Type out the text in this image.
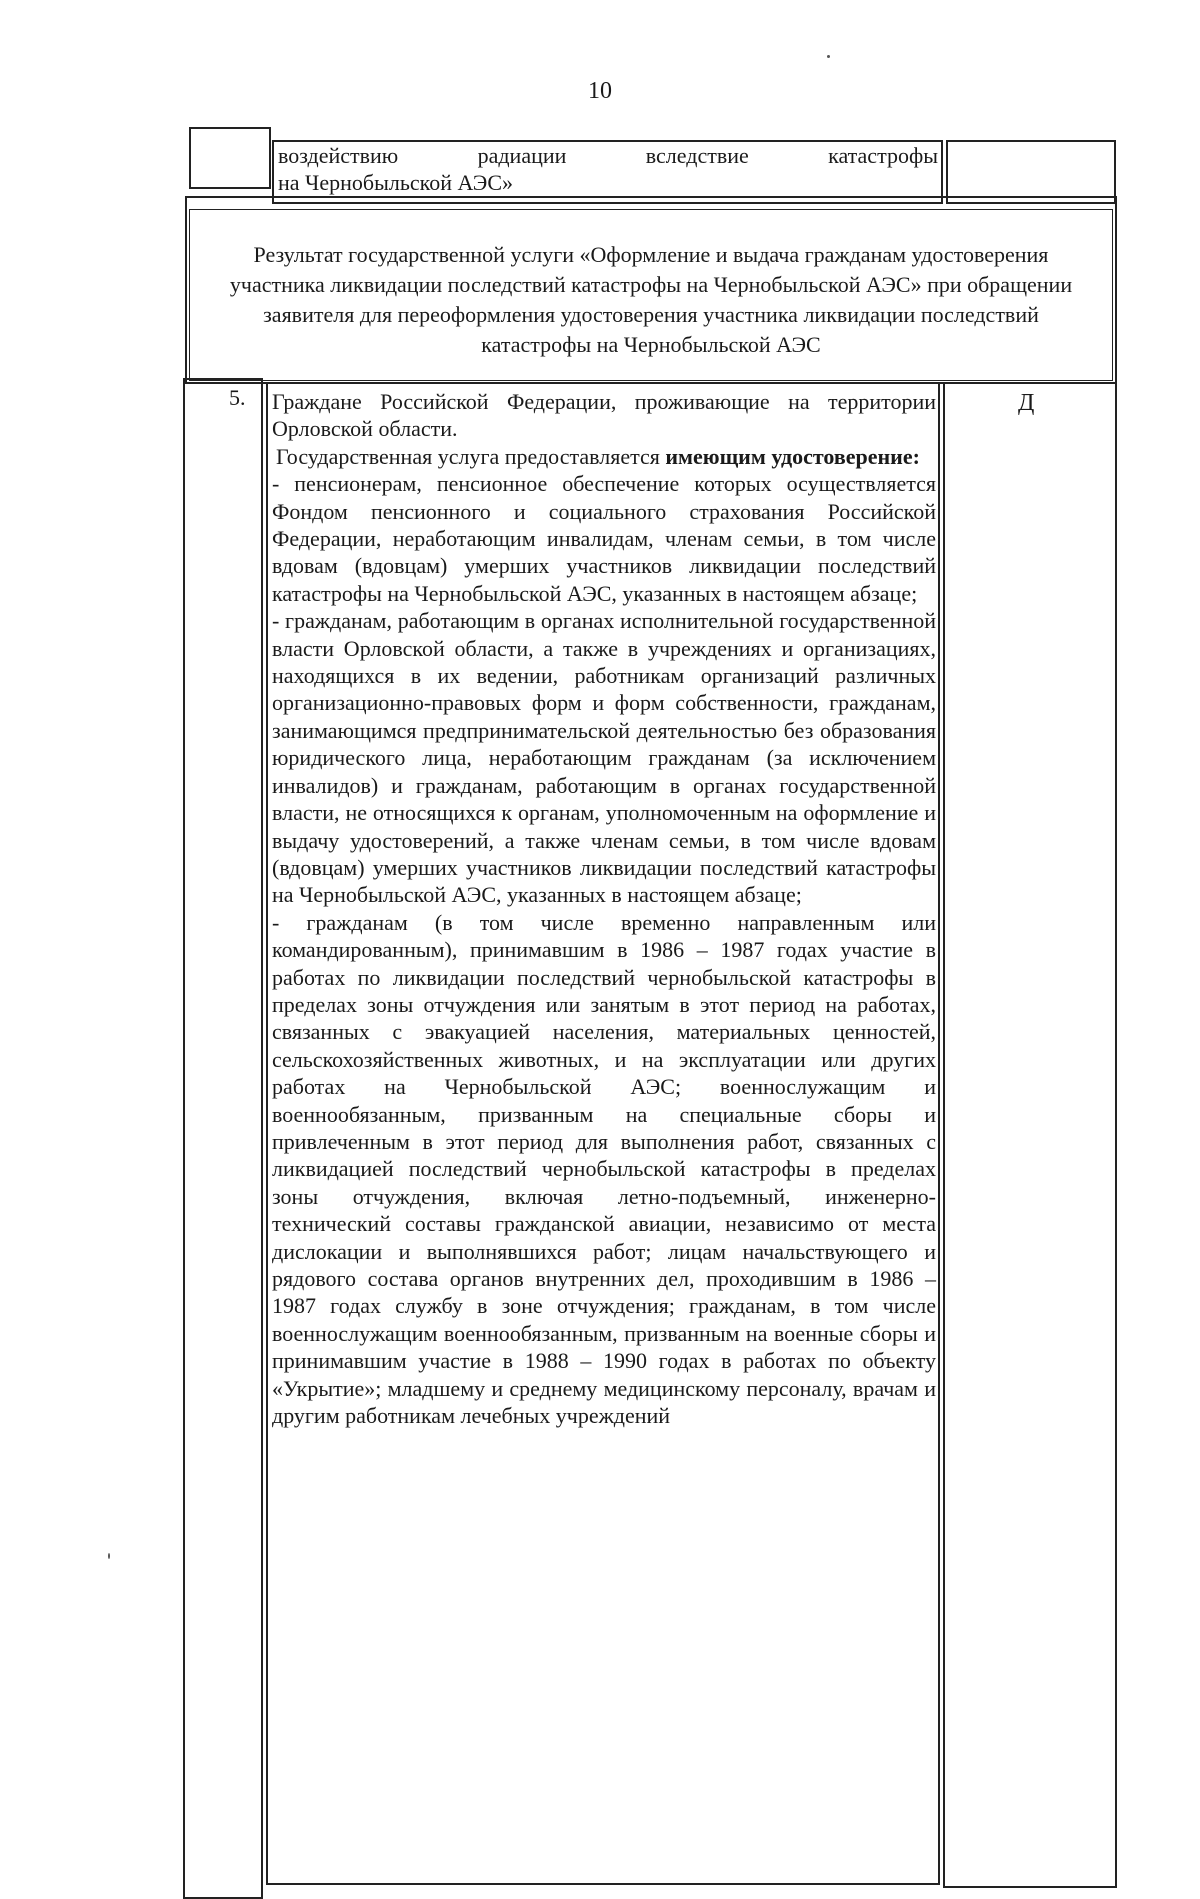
10
воздействию радиации вследствие катастрофы
на Чернобыльской АЭС»
Результат государственной услуги «Оформление и выдача гражданам удостоверения участника ликвидации последствий катастрофы на Чернобыльской АЭС» при обращении заявителя для переоформления удостоверения участника ликвидации последствий катастрофы на Чернобыльской АЭС
5.	Граждане Российской Федерации, проживающие на территории Орловской области.
Государственная услуга предоставляется имеющим удостоверение:
- пенсионерам, пенсионное обеспечение которых осуществляется Фондом пенсионного и социального страхования Российской Федерации, неработающим инвалидам, членам семьи, в том числе вдовам (вдовцам) умерших участников ликвидации последствий катастрофы на Чернобыльской АЭС, указанных в настоящем абзаце;
- гражданам, работающим в органах исполнительной государственной власти Орловской области, а также в учреждениях и организациях, находящихся в их ведении, работникам организаций различных организационно-правовых форм и форм собственности, гражданам, занимающимся предпринимательской деятельностью без образования юридического лица, неработающим гражданам (за исключением инвалидов) и гражданам, работающим в органах государственной власти, не относящихся к органам, уполномоченным на оформление и выдачу удостоверений, а также членам семьи, в том числе вдовам (вдовцам) умерших участников ликвидации последствий катастрофы на Чернобыльской АЭС, указанных в настоящем абзаце;
- гражданам (в том числе временно направленным или командированным), принимавшим в 1986 – 1987 годах участие в работах по ликвидации последствий чернобыльской катастрофы в пределах зоны отчуждения или занятым в этот период на работах, связанных с эвакуацией населения, материальных ценностей, сельскохозяйственных животных, и на эксплуатации или других работах на Чернобыльской АЭС; военнослужащим и военнообязанным, призванным на специальные сборы и привлеченным в этот период для выполнения работ, связанных с ликвидацией последствий чернобыльской катастрофы в пределах зоны отчуждения, включая летно-подъемный, инженерно-технический составы гражданской авиации, независимо от места дислокации и выполнявшихся работ; лицам начальствующего и рядового состава органов внутренних дел, проходившим в 1986 – 1987 годах службу в зоне отчуждения; гражданам, в том числе военнослужащим военнообязанным, призванным на военные сборы и принимавшим участие в 1988 – 1990 годах в работах по объекту «Укрытие»; младшему и среднему медицинскому персоналу, врачам и другим работникам лечебных учреждений
Д
